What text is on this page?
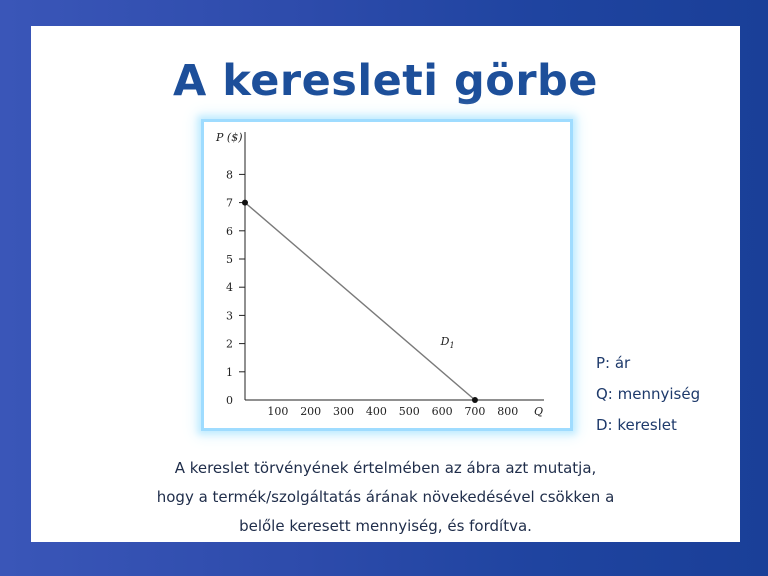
A keresleti görbe
0
1
2
3
4
5
6
7
8
100 200 300 400 500 600 700 800
P ($)
Q
$D_1$
P: ár
Q: mennyiség
D: kereslet
A kereslet törvényének értelmében az ábra azt mutatja,
hogy a termék/szolgáltatás árának növekedésével csökken a
belőle keresett mennyiség, és fordítva.
